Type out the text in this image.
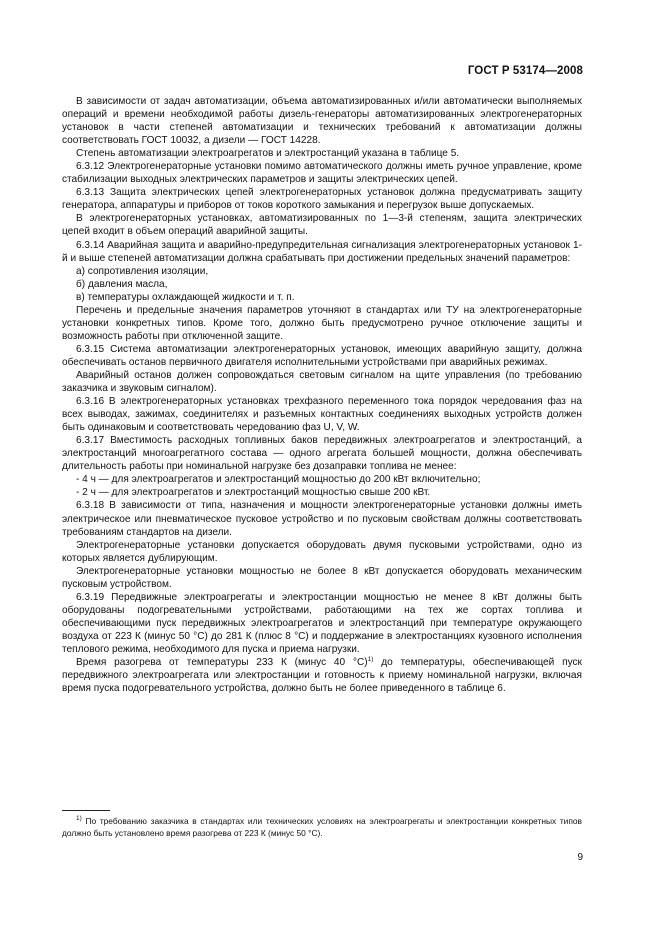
ГОСТ Р 53174—2008

В зависимости от задач автоматизации, объема автоматизированных и/или автоматически выполняемых операций и времени необходимой работы дизель-генераторы автоматизированных электрогенераторных установок в части степеней автоматизации и технических требований к автоматизации должны соответствовать ГОСТ 10032, а дизели — ГОСТ 14228.

Степень автоматизации электроагрегатов и электростанций указана в таблице 5.

6.3.12 Электрогенераторные установки помимо автоматического должны иметь ручное управление, кроме стабилизации выходных электрических параметров и защиты электрических цепей.

6.3.13 Защита электрических цепей электрогенераторных установок должна предусматривать защиту генератора, аппаратуры и приборов от токов короткого замыкания и перегрузок выше допускаемых.

В электрогенераторных установках, автоматизированных по 1—3-й степеням, защита электрических цепей входит в объем операций аварийной защиты.

6.3.14 Аварийная защита и аварийно-предупредительная сигнализация электрогенераторных установок 1-й и выше степеней автоматизации должна срабатывать при достижении предельных значений параметров:

а) сопротивления изоляции,

б) давления масла,

в) температуры охлаждающей жидкости и т. п.

Перечень и предельные значения параметров уточняют в стандартах или ТУ на электрогенераторные установки конкретных типов. Кроме того, должно быть предусмотрено ручное отключение защиты и возможность работы при отключенной защите.

6.3.15 Система автоматизации электрогенераторных установок, имеющих аварийную защиту, должна обеспечивать останов первичного двигателя исполнительными устройствами при аварийных режимах.

Аварийный останов должен сопровождаться световым сигналом на щите управления (по требованию заказчика и звуковым сигналом).

6.3.16 В электрогенераторных установках трехфазного переменного тока порядок чередования фаз на всех выводах, зажимах, соединителях и разъемных контактных соединениях выходных устройств должен быть одинаковым и соответствовать чередованию фаз U, V, W.

6.3.17 Вместимость расходных топливных баков передвижных электроагрегатов и электростанций, а электростанций многоагрегатного состава — одного агрегата большей мощности, должна обеспечивать длительность работы при номинальной нагрузке без дозаправки топлива не менее:

- 4 ч — для электроагрегатов и электростанций мощностью до 200 кВт включительно;

- 2 ч — для электроагрегатов и электростанций мощностью свыше 200 кВт.

6.3.18 В зависимости от типа, назначения и мощности электрогенераторные установки должны иметь электрическое или пневматическое пусковое устройство и по пусковым свойствам должны соответствовать требованиям стандартов на дизели.

Электрогенераторные установки допускается оборудовать двумя пусковыми устройствами, одно из которых является дублирующим.

Электрогенераторные установки мощностью не более 8 кВт допускается оборудовать механическим пусковым устройством.

6.3.19 Передвижные электроагрегаты и электростанции мощностью не менее 8 кВт должны быть оборудованы подогревательными устройствами, работающими на тех же сортах топлива и обеспечивающими пуск передвижных электроагрегатов и электростанций при температуре окружающего воздуха от 223 К (минус 50 °С) до 281 К (плюс 8 °С) и поддержание в электростанциях кузовного исполнения теплового режима, необходимого для пуска и приема нагрузки.

Время разогрева от температуры 233 К (минус 40 °С)$^{1)}$ до температуры, обеспечивающей пуск передвижного электроагрегата или электростанции и готовность к приему номинальной нагрузки, включая время пуска подогревательного устройства, должно быть не более приведенного в таблице 6.

$^{1)}$ По требованию заказчика в стандартах или технических условиях на электроагрегаты и электростанции конкретных типов должно быть установлено время разогрева от 223 К (минус 50 °С).
9
